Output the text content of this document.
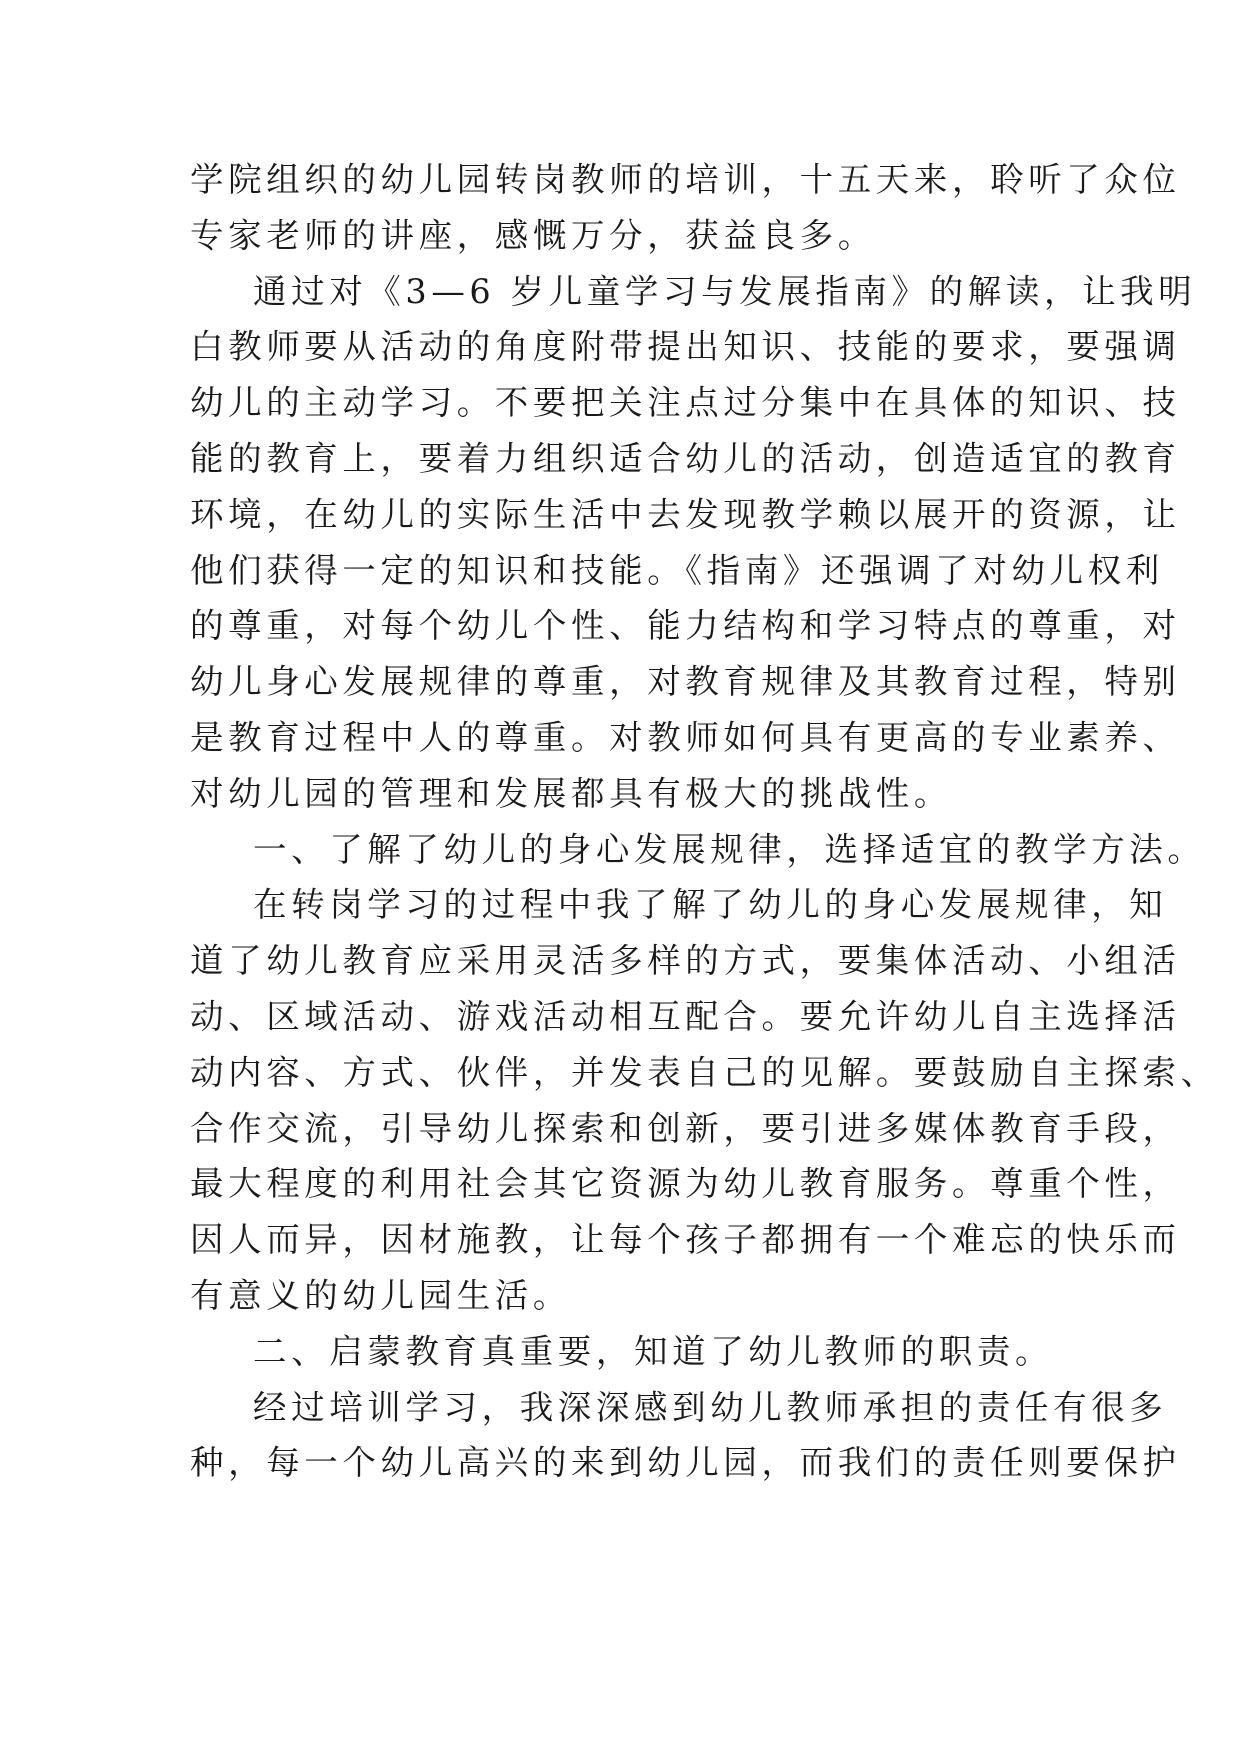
学院组织的幼儿园转岗教师的培训，十五天来，聆听了众位
专家老师的讲座，感慨万分，获益良多。
通过对《3—6 岁儿童学习与发展指南》的解读，让我明
白教师要从活动的角度附带提出知识、技能的要求，要强调
幼儿的主动学习。不要把关注点过分集中在具体的知识、技
能的教育上，要着力组织适合幼儿的活动，创造适宜的教育
环境，在幼儿的实际生活中去发现教学赖以展开的资源，让
他们获得一定的知识和技能。《指南》还强调了对幼儿权利
的尊重，对每个幼儿个性、能力结构和学习特点的尊重，对
幼儿身心发展规律的尊重，对教育规律及其教育过程，特别
是教育过程中人的尊重。对教师如何具有更高的专业素养、
对幼儿园的管理和发展都具有极大的挑战性。
一、了解了幼儿的身心发展规律，选择适宜的教学方法。
在转岗学习的过程中我了解了幼儿的身心发展规律，知
道了幼儿教育应采用灵活多样的方式，要集体活动、小组活
动、区域活动、游戏活动相互配合。要允许幼儿自主选择活
动内容、方式、伙伴，并发表自己的见解。要鼓励自主探索、
合作交流，引导幼儿探索和创新，要引进多媒体教育手段，
最大程度的利用社会其它资源为幼儿教育服务。尊重个性，
因人而异，因材施教，让每个孩子都拥有一个难忘的快乐而
有意义的幼儿园生活。
二、启蒙教育真重要，知道了幼儿教师的职责。
经过培训学习，我深深感到幼儿教师承担的责任有很多
种，每一个幼儿高兴的来到幼儿园，而我们的责任则要保护
